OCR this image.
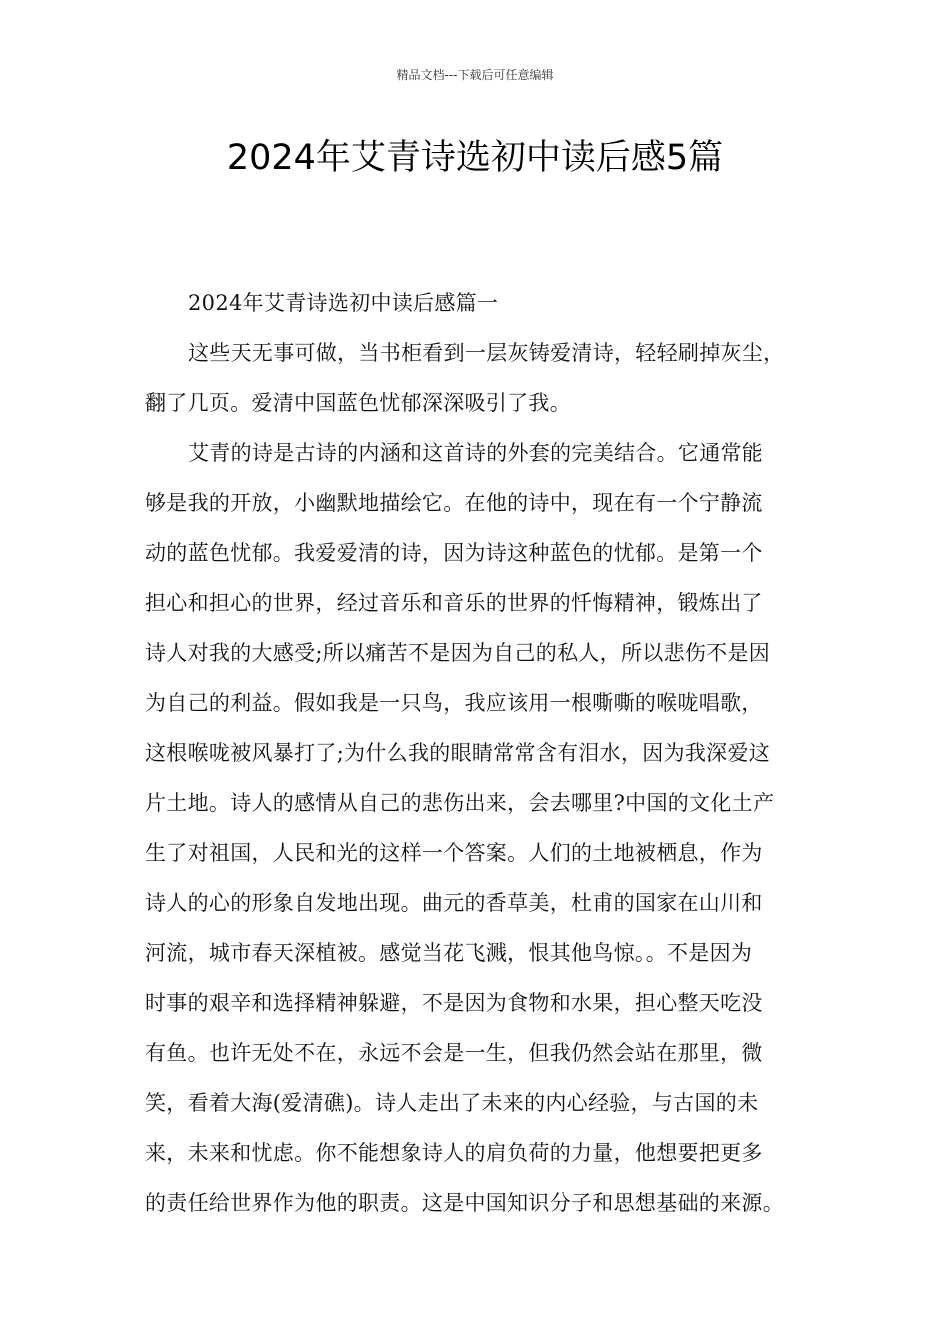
精品文档---下载后可任意编辑
2024年艾青诗选初中读后感5篇
2024年艾青诗选初中读后感篇一
这些天无事可做，当书柜看到一层灰铸爱清诗，轻轻刷掉灰尘，
翻了几页。爱清中国蓝色忧郁深深吸引了我。
艾青的诗是古诗的内涵和这首诗的外套的完美结合。它通常能
够是我的开放，小幽默地描绘它。在他的诗中，现在有一个宁静流
动的蓝色忧郁。我爱爱清的诗，因为诗这种蓝色的忧郁。是第一个
担心和担心的世界，经过音乐和音乐的世界的忏悔精神，锻炼出了
诗人对我的大感受;所以痛苦不是因为自己的私人，所以悲伤不是因
为自己的利益。假如我是一只鸟，我应该用一根嘶嘶的喉咙唱歌，
这根喉咙被风暴打了;为什么我的眼睛常常含有泪水，因为我深爱这
片土地。诗人的感情从自己的悲伤出来，会去哪里?中国的文化土产
生了对祖国，人民和光的这样一个答案。人们的土地被栖息，作为
诗人的心的形象自发地出现。曲元的香草美，杜甫的国家在山川和
河流，城市春天深植被。感觉当花飞溅，恨其他鸟惊。。不是因为
时事的艰辛和选择精神躲避，不是因为食物和水果，担心整天吃没
有鱼。也许无处不在，永远不会是一生，但我仍然会站在那里，微
笑，看着大海(爱清礁)。诗人走出了未来的内心经验，与古国的未
来，未来和忧虑。你不能想象诗人的肩负荷的力量，他想要把更多
的责任给世界作为他的职责。这是中国知识分子和思想基础的来源。
